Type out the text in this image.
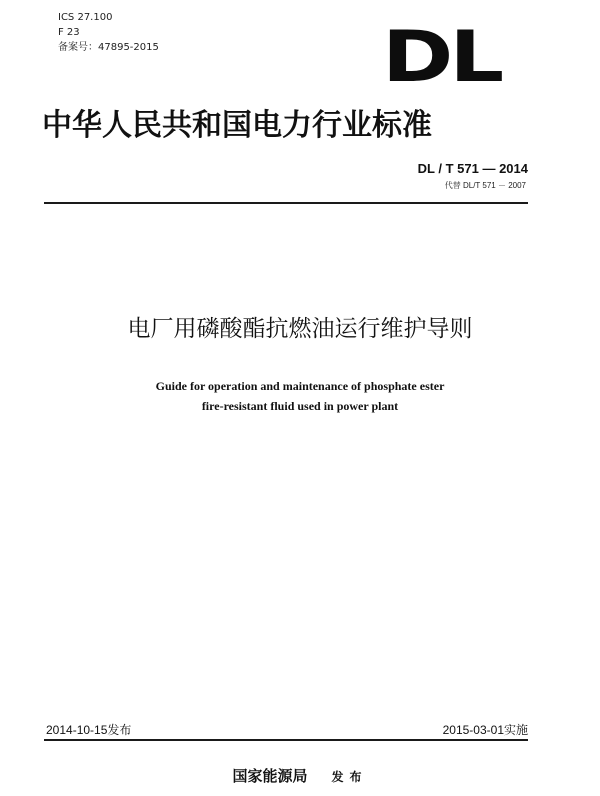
ICS 27.100
F 23
备案号：47895-2015	DL
中华人民共和国电力行业标准
DL / T 571 — 2014
代替 DL/T 571 － 2007
电厂用磷酸酯抗燃油运行维护导则
Guide for operation and maintenance of phosphate ester
fire-resistant fluid used in power plant
2014-10-15发布	2015-03-01实施
国家能源局 发布
